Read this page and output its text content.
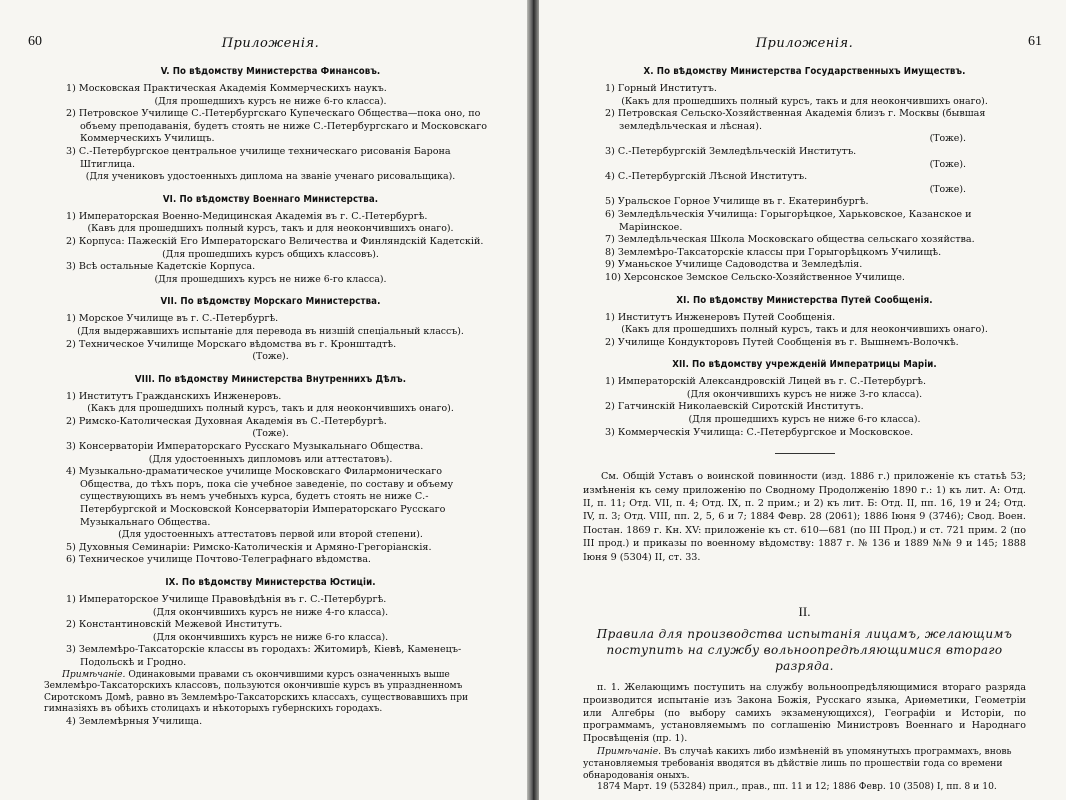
60	Приложенія.
V. По вѣдомству Министерства Финансовъ.
1) Московская Практическая Академія Коммерческихъ наукъ.
(Для прошедшихъ курсъ не ниже 6-го класса).
2) Петровское Училище С.-Петербургскаго Купеческаго Общества—пока оно, по объему преподаванія, будетъ стоять не ниже С.-Петербургскаго и Московскаго Коммерческихъ Училищъ.
3) С.-Петербургское центральное училище техническаго рисованія Барона Штиглица.
(Для учениковъ удостоенныхъ диплома на званіе ученаго рисовальщика).
VI. По вѣдомству Военнаго Министерства.
1) Императорская Военно-Медицинская Академія въ г. С.-Петербургѣ.
(Кавъ для прошедшихъ полный курсъ, такъ и для неокончившихъ онаго).
2) Корпуса: Пажескій Его Императорскаго Величества и Финляндскій Кадетскій.
(Для прошедшихъ курсъ общихъ классовъ).
3) Всѣ остальные Кадетскіе Корпуса.
(Для прошедшихъ курсъ не ниже 6-го класса).
VII. По вѣдомству Морскаго Министерства.
1) Морское Училище въ г. С.-Петербургѣ.
(Для выдержавшихъ испытаніе для перевода въ низшій спеціальный классъ).
2) Техническое Училище Морскаго вѣдомства въ г. Кронштадтѣ.
(Тоже).
VIII. По вѣдомству Министерства Внутреннихъ Дѣлъ.
1) Институтъ Гражданскихъ Инженеровъ.
(Какъ для прошедшихъ полный курсъ, такъ и для неокончившихъ онаго).
2) Римско-Католическая Духовная Академія въ С.-Петербургѣ.
(Тоже).
3) Консерваторіи Императорскаго Русскаго Музыкальнаго Общества.
(Для удостоенныхъ дипломовъ или аттестатовъ).
4) Музыкально-драматическое училище Московскаго Филармоническаго Общества, до тѣхъ поръ, пока сіе учебное заведеніе, по составу и объему существующихъ въ немъ учебныхъ курса, будетъ стоять не ниже С.-Петербургской и Московской Консерваторіи Императорскаго Русскаго Музыкальнаго Общества.
(Для удостоенныхъ аттестатовъ первой или второй степени).
5) Духовныя Семинаріи: Римско-Католическія и Армяно-Грегоріанскія.
6) Техническое училище Почтово-Телеграфнаго вѣдомства.
IX. По вѣдомству Министерства Юстиціи.
1) Императорское Училище Правовѣдѣнія въ г. С.-Петербургѣ.
(Для окончившихъ курсъ не ниже 4-го класса).
2) Константиновскій Межевой Институтъ.
(Для окончившихъ курсъ не ниже 6-го класса).
3) Землемѣро-Таксаторскіе классы въ городахъ: Житомирѣ, Кіевѣ, Каменецъ-Подольскѣ и Гродно.
Примѣчаніе. Одинаковыми правами съ окончившими курсъ означенныхъ выше Землемѣро-Таксаторскихъ классовъ, пользуются окончившіе курсъ въ упраздненномъ Сиротскомъ Домѣ, равно въ Землемѣро-Таксаторскихъ классахъ, существовавшихъ при гимназіяхъ въ обѣихъ столицахъ и нѣкоторыхъ губернскихъ городахъ.
4) Землемѣрныя Училища.
Приложенія.	61
X. По вѣдомству Министерства Государственныхъ Имуществъ.
1) Горный Институтъ.
(Какъ для прошедшихъ полный курсъ, такъ и для неокончившихъ онаго).
2) Петровская Сельско-Хозяйственная Академія близъ г. Москвы (бывшая земледѣльческая и лѣсная).
(Тоже).
3) С.-Петербургскій Земледѣльческій Институтъ.
(Тоже).
4) С.-Петербургскій Лѣсной Институтъ.
(Тоже).
5) Уральское Горное Училище въ г. Екатеринбургѣ.
6) Земледѣльческія Училища: Горыгорѣцкое, Харьковское, Казанское и Маріинское.
7) Земледѣльческая Школа Московскаго общества сельскаго хозяйства.
8) Землемѣро-Таксаторскіе классы при Горыгорѣцкомъ Училищѣ.
9) Уманьское Училище Садоводства и Земледѣлія.
10) Херсонское Земское Сельско-Хозяйственное Училище.
XI. По вѣдомству Министерства Путей Сообщенія.
1) Институтъ Инженеровъ Путей Сообщенія.
(Какъ для прошедшихъ полный курсъ, такъ и для неокончившихъ онаго).
2) Училище Кондукторовъ Путей Сообщенія въ г. Вышнемъ-Волочкѣ.
XII. По вѣдомству учрежденій Императрицы Маріи.
1) Императорскій Александровскій Лицей въ г. С.-Петербургѣ.
(Для окончившихъ курсъ не ниже 3-го класса).
2) Гатчинскій Николаевскій Сиротскій Институтъ.
(Для прошедшихъ курсъ не ниже 6-го класса).
3) Коммерческія Училища: С.-Петербургское и Московское.
См. Общій Уставъ о воинской повинности (изд. 1886 г.) приложеніе къ статьѣ 53; измѣненія къ сему приложенію по Сводному Продолженію 1890 г.: 1) къ лит. А: Отд. II, п. 11; Отд. VII, п. 4; Отд. IX, п. 2 прим.; и 2) къ лит. Б: Отд. II, пп. 16, 19 и 24; Отд. IV, п. 3; Отд. VIII, пп. 2, 5, 6 и 7; 1884 Февр. 28 (2061); 1886 Іюня 9 (3746); Свод. Воен. Постан. 1869 г. Кн. XV: приложеніе къ ст. 610—681 (по III Прод.) и ст. 721 прим. 2 (по III прод.) и приказы по военному вѣдомству: 1887 г. № 136 и 1889 №№ 9 и 145; 1888 Іюня 9 (5304) II, ст. 33.
II.
Правила для производства испытанія лицамъ, желающимъ поступить на службу вольноопредѣляющимися втораго разряда.
п. 1. Желающимъ поступить на службу вольноопредѣляющимися втораго разряда производится испытаніе изъ Закона Божія, Русскаго языка, Ариѳметики, Геометріи или Алгебры (по выбору самихъ экзаменующихся), Географіи и Исторіи, по программамъ, установляемымъ по соглашенію Министровъ Военнаго и Народнаго Просвѣщенія (пр. 1).
Примѣчаніе. Въ случаѣ какихъ либо измѣненій въ упомянутыхъ программахъ, вновь установляемыя требованія вводятся въ дѣйствіе лишь по прошествіи года со времени обнародованія оныхъ.
1874 Март. 19 (53284) прил., прав., пп. 11 и 12; 1886 Февр. 10 (3508) I, пп. 8 и 10.
